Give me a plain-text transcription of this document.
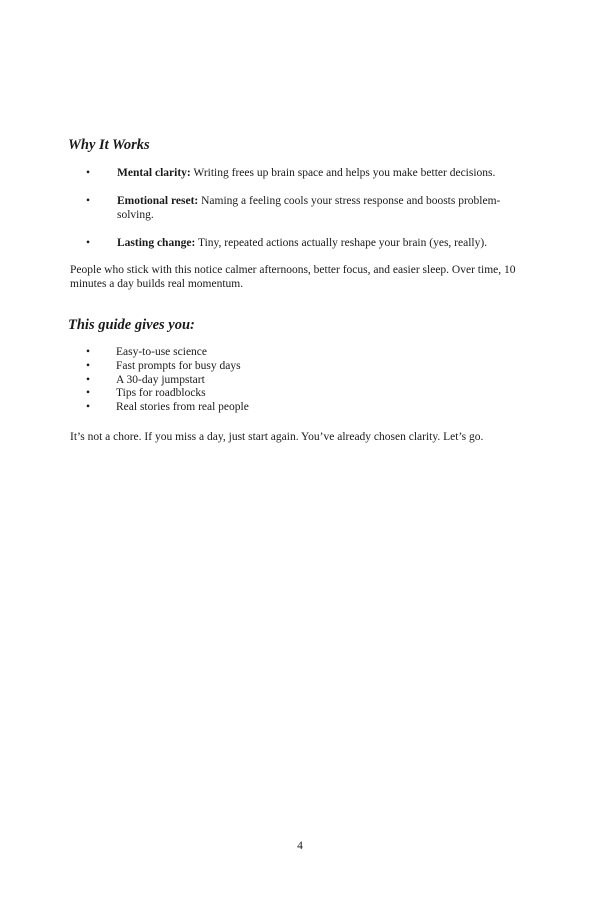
Why It Works
• Mental clarity: Writing frees up brain space and helps you make better decisions.
• Emotional reset: Naming a feeling cools your stress response and boosts problem-solving.
• Lasting change: Tiny, repeated actions actually reshape your brain (yes, really).

People who stick with this notice calmer afternoons, better focus, and easier sleep. Over time, 10 minutes a day builds real momentum.

This guide gives you:
• Easy-to-use science
• Fast prompts for busy days
• A 30-day jumpstart
• Tips for roadblocks
• Real stories from real people

It’s not a chore. If you miss a day, just start again. You’ve already chosen clarity. Let’s go.

4
